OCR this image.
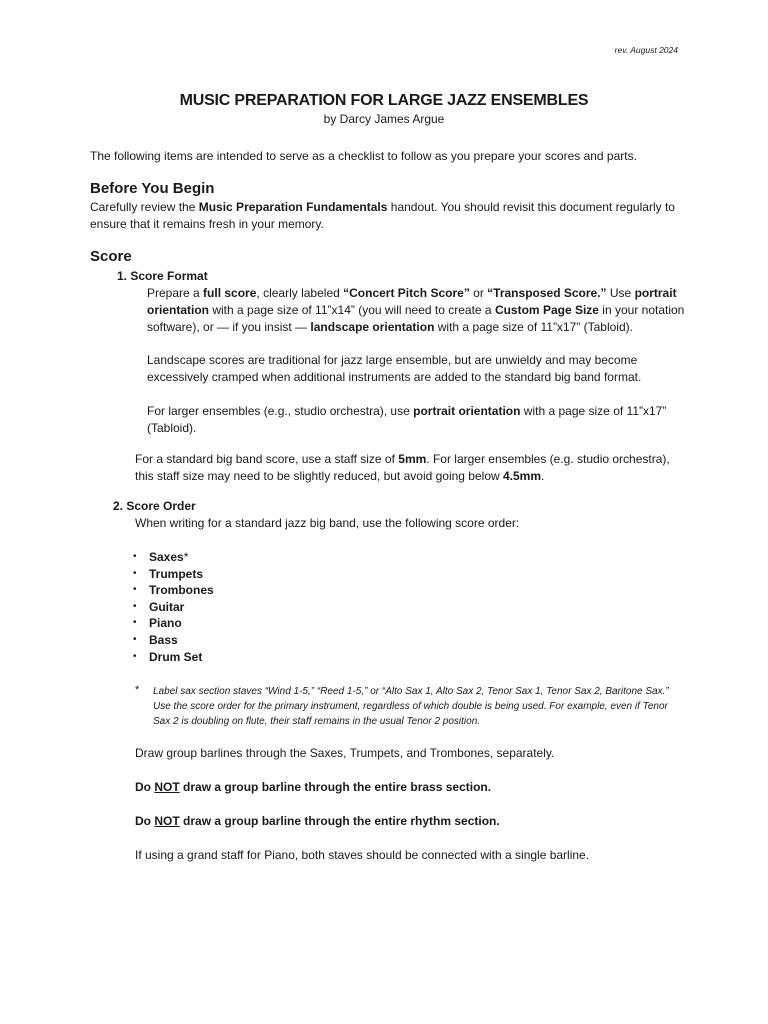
rev. August 2024
MUSIC PREPARATION FOR LARGE JAZZ ENSEMBLES
by Darcy James Argue
The following items are intended to serve as a checklist to follow as you prepare your scores and parts.
Before You Begin
Carefully review the Music Preparation Fundamentals handout. You should revisit this document regularly to ensure that it remains fresh in your memory.
Score
1. Score Format
Prepare a full score, clearly labeled “Concert Pitch Score” or “Transposed Score.” Use portrait orientation with a page size of 11”x14” (you will need to create a Custom Page Size in your notation software), or — if you insist — landscape orientation with a page size of 11”x17” (Tabloid).
Landscape scores are traditional for jazz large ensemble, but are unwieldy and may become excessively cramped when additional instruments are added to the standard big band format.
For larger ensembles (e.g., studio orchestra), use portrait orientation with a page size of 11”x17” (Tabloid).
For a standard big band score, use a staff size of 5mm. For larger ensembles (e.g. studio orchestra), this staff size may need to be slightly reduced, but avoid going below 4.5mm.
2. Score Order
When writing for a standard jazz big band, use the following score order:
• Saxes*
• Trumpets
• Trombones
• Guitar
• Piano
• Bass
• Drum Set
* Label sax section staves “Wind 1-5,” “Reed 1-5,” or “Alto Sax 1, Alto Sax 2, Tenor Sax 1, Tenor Sax 2, Baritone Sax.” Use the score order for the primary instrument, regardless of which double is being used. For example, even if Tenor Sax 2 is doubling on flute, their staff remains in the usual Tenor 2 position.
Draw group barlines through the Saxes, Trumpets, and Trombones, separately.
Do NOT draw a group barline through the entire brass section.
Do NOT draw a group barline through the entire rhythm section.
If using a grand staff for Piano, both staves should be connected with a single barline.
